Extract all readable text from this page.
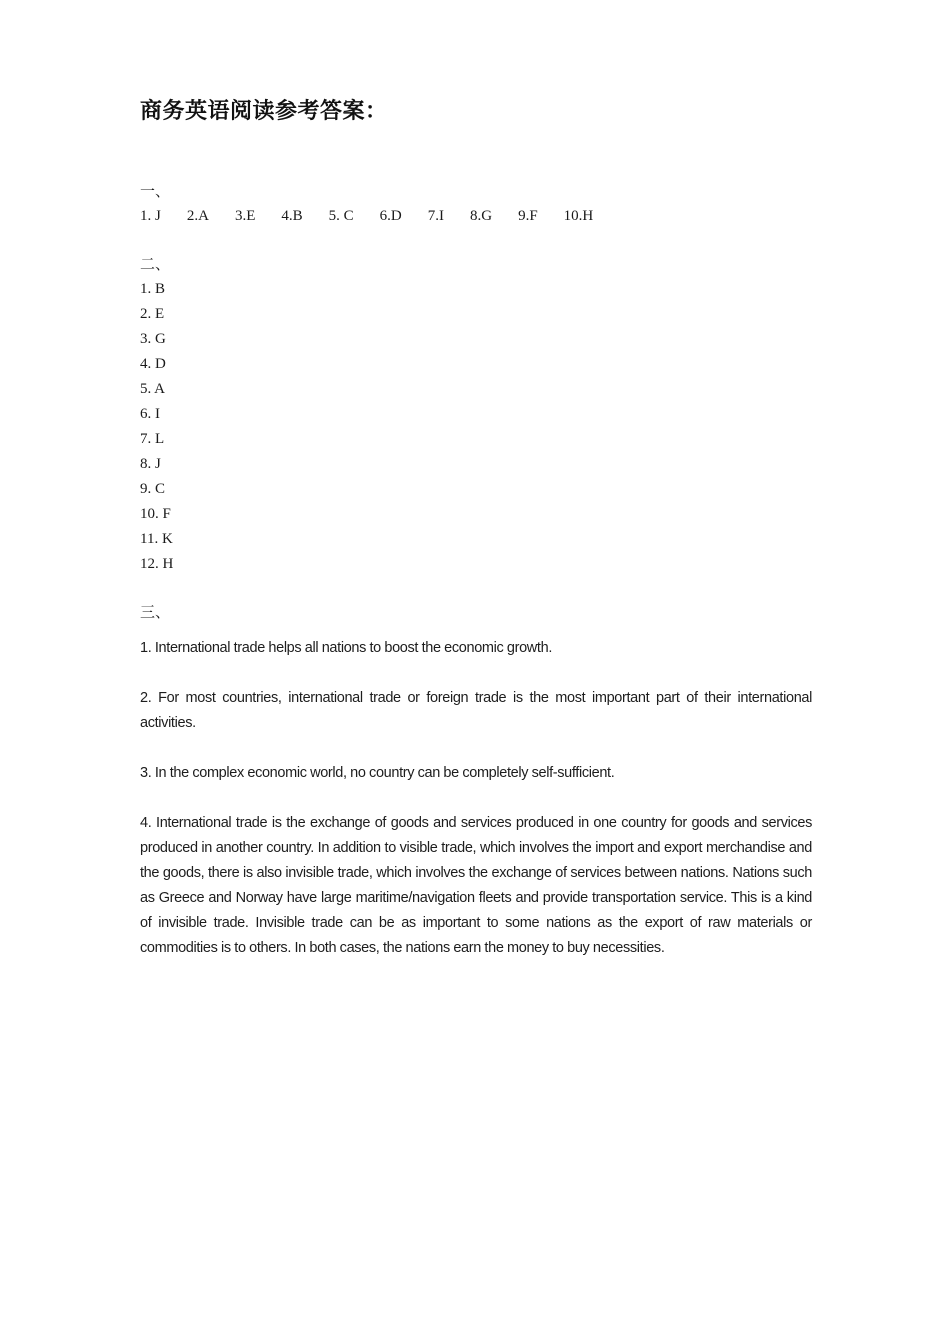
商务英语阅读参考答案：

一、

1. J 2.A 3.E 4.B 5. C 6.D 7.I 8.G 9.F 10.H

二、

1. B
2. E
3. G
4. D
5. A
6. I
7. L
8. J
9. C
10. F
11. K
12. H

三、

1. International trade helps all nations to boost the economic growth.

2. For most countries, international trade or foreign trade is the most important part of their international activities.

3. In the complex economic world, no country can be completely self-sufficient.

4. International trade is the exchange of goods and services produced in one country for goods and services produced in another country. In addition to visible trade, which involves the import and export merchandise and the goods, there is also invisible trade, which involves the exchange of services between nations. Nations such as Greece and Norway have large maritime/navigation fleets and provide transportation service. This is a kind of invisible trade. Invisible trade can be as important to some nations as the export of raw materials or commodities is to others. In both cases, the nations earn the money to buy necessities.
